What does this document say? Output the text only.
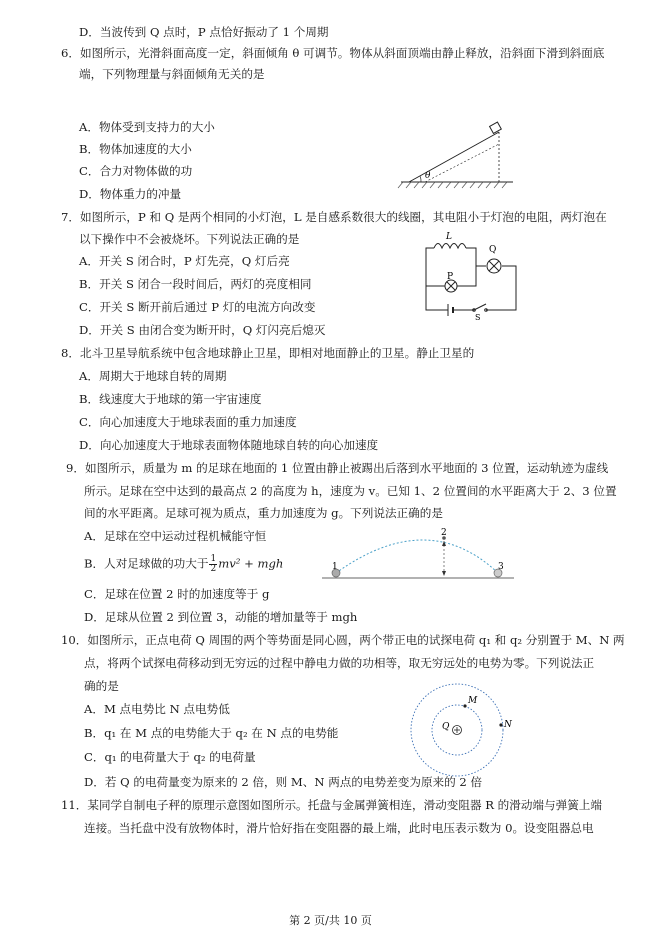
D．当波传到 Q 点时，P 点恰好振动了 1 个周期
6．如图所示，光滑斜面高度一定，斜面倾角 θ 可调节。物体从斜面顶端由静止释放，沿斜面下滑到斜面底
端，下列物理量与斜面倾角无关的是
A．物体受到支持力的大小
B．物体加速度的大小
C．合力对物体做的功
D．物体重力的冲量
θ
7．如图所示，P 和 Q 是两个相同的小灯泡，L 是自感系数很大的线圈，其电阻小于灯泡的电阻，两灯泡在
以下操作中不会被烧坏。下列说法正确的是
A．开关 S 闭合时，P 灯先亮，Q 灯后亮
B．开关 S 闭合一段时间后，两灯的亮度相同
C．开关 S 断开前后通过 P 灯的电流方向改变
D．开关 S 由闭合变为断开时，Q 灯闪亮后熄灭
L
P
Q
S
8．北斗卫星导航系统中包含地球静止卫星，即相对地面静止的卫星。静止卫星的
A．周期大于地球自转的周期
B．线速度大于地球的第一宇宙速度
C．向心加速度大于地球表面的重力加速度
D．向心加速度大于地球表面物体随地球自转的向心加速度
9．如图所示，质量为 m 的足球在地面的 1 位置由静止被踢出后落到水平地面的 3 位置，运动轨迹为虚线
所示。足球在空中达到的最高点 2 的高度为 h，速度为 v。已知 1、2 位置间的水平距离大于 2、3 位置
间的水平距离。足球可视为质点，重力加速度为 g。下列说法正确的是
A．足球在空中运动过程机械能守恒
B．人对足球做的功大于 $\frac{1}{2} mv^2$ + mgh
C．足球在位置 2 时的加速度等于 g
D．足球从位置 2 到位置 3，动能的增加量等于 mgh
1
2
3
10．如图所示，正点电荷 Q 周围的两个等势面是同心圆，两个带正电的试探电荷 q₁ 和 q₂ 分别置于 M、N 两
点，将两个试探电荷移动到无穷远的过程中静电力做的功相等，取无穷远处的电势为零。下列说法正
确的是
A．M 点电势比 N 点电势低
B．q₁ 在 M 点的电势能大于 q₂ 在 N 点的电势能
C．q₁ 的电荷量大于 q₂ 的电荷量
D．若 Q 的电荷量变为原来的 2 倍，则 M、N 两点的电势差变为原来的 2 倍
Q
M
N
11．某同学自制电子秤的原理示意图如图所示。托盘与金属弹簧相连，滑动变阻器 R 的滑动端与弹簧上端
连接。当托盘中没有放物体时，滑片恰好指在变阻器的最上端，此时电压表示数为 0。设变阻器总电
第 2 页/共 10 页
